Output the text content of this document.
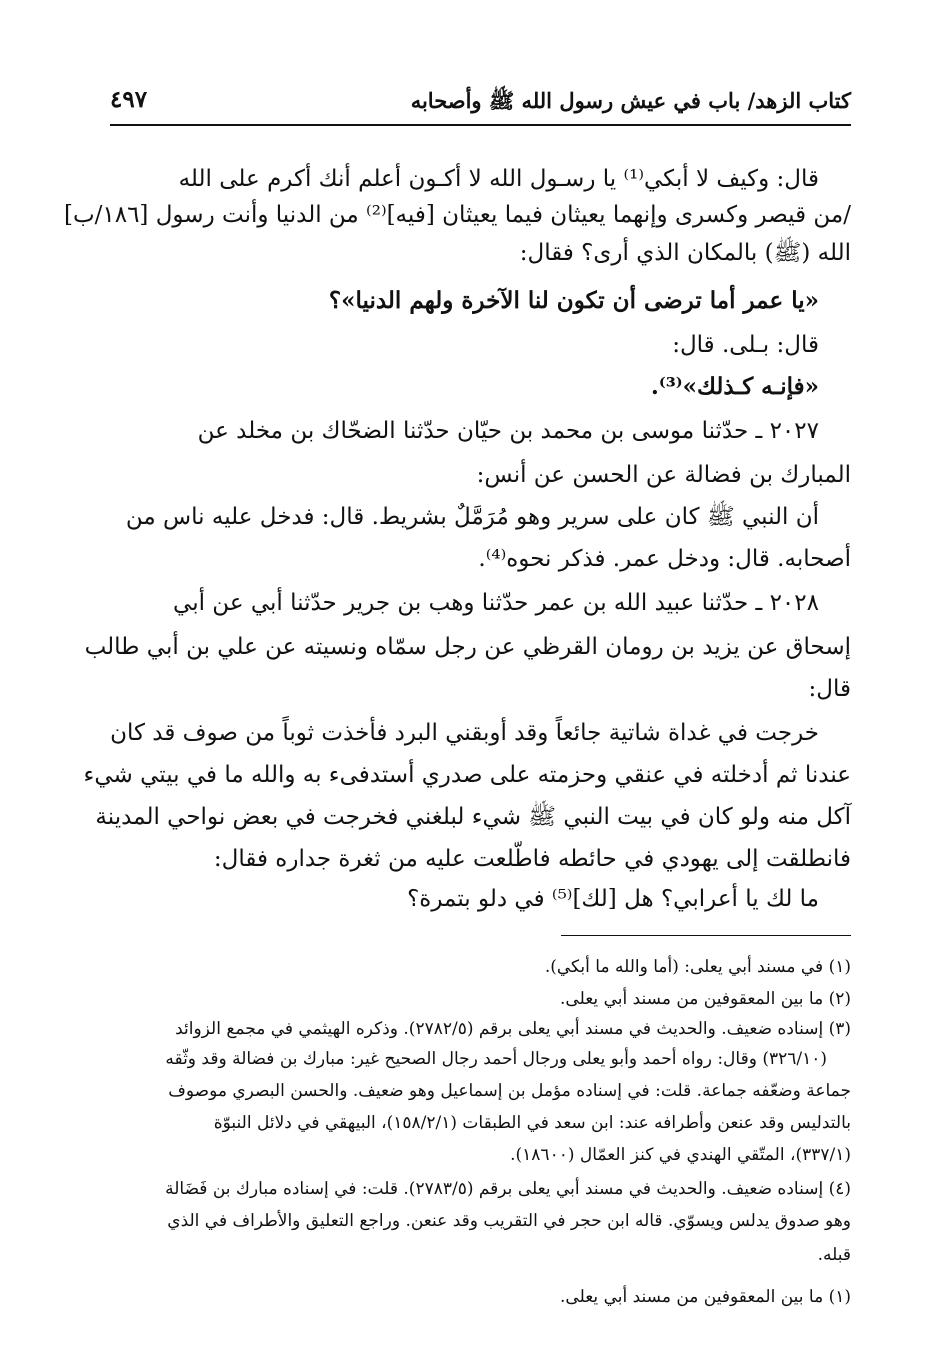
كتاب الزهد/ باب في عيش رسول الله ﷺ وأصحابه
٤٩٧
قال: وكيف لا أبكي⁽¹⁾ يا رسـول الله لا أكـون أعلم أنك أكرم على الله
/من قيصر وكسرى وإنهما يعيثان فيما يعيثان [فيه]⁽²⁾ من الدنيا وأنت رسول [١٨٦/ب]
الله (ﷺ) بالمكان الذي أرى؟ فقال:
«يا عمر أما ترضى أن تكون لنا الآخرة ولهم الدنيا»؟
قال: بـلى. قال:
«فإنـه كـذلك»⁽³⁾.
٢٠٢٧ ـ حدّثنا موسى بن محمد بن حيّان حدّثنا الضحّاك بن مخلد عن
المبارك بن فضالة عن الحسن عن أنس:
أن النبي ﷺ كان على سرير وهو مُرَمَّلٌ بشريط. قال: فدخل عليه ناس من
أصحابه. قال: ودخل عمر. فذكر نحوه⁽⁴⁾.
٢٠٢٨ ـ حدّثنا عبيد الله بن عمر حدّثنا وهب بن جرير حدّثنا أبي عن أبي
إسحاق عن يزيد بن رومان القرظي عن رجل سمّاه ونسيته عن علي بن أبي طالب
قال:
خرجت في غداة شاتية جائعاً وقد أوبقني البرد فأخذت ثوباً من صوف قد كان
عندنا ثم أدخلته في عنقي وحزمته على صدري أستدفىء به والله ما في بيتي شيء
آكل منه ولو كان في بيت النبي ﷺ شيء لبلغني فخرجت في بعض نواحي المدينة
فانطلقت إلى يهودي في حائطه فاطّلعت عليه من ثغرة جداره فقال:
ما لك يا أعرابي؟ هل [لك]⁽⁵⁾ في دلو بتمرة؟
(١) في مسند أبي يعلى: (أما والله ما أبكي).
(٢) ما بين المعقوفين من مسند أبي يعلى.
(٣) إسناده ضعيف. والحديث في مسند أبي يعلى برقم (٢٧٨٢/٥). وذكره الهيثمي في مجمع الزوائد
(٣٢٦/١٠) وقال: رواه أحمد وأبو يعلى ورجال أحمد رجال الصحيح غير: مبارك بن فضالة وقد وثّقه
جماعة وضعّفه جماعة. قلت: في إسناده مؤمل بن إسماعيل وهو ضعيف. والحسن البصري موصوف
بالتدليس وقد عنعن وأطرافه عند: ابن سعد في الطبقات (١٥٨/٢/١)، البيهقي في دلائل النبوّة
(٣٣٧/١)، المتّقي الهندي في كنز العمّال (١٨٦٠٠).
(٤) إسناده ضعيف. والحديث في مسند أبي يعلى برقم (٢٧٨٣/٥). قلت: في إسناده مبارك بن فَضَالة
وهو صدوق يدلس ويسوّي. قاله ابن حجر في التقريب وقد عنعن. وراجع التعليق والأطراف في الذي
قبله.
(١) ما بين المعقوفين من مسند أبي يعلى.
